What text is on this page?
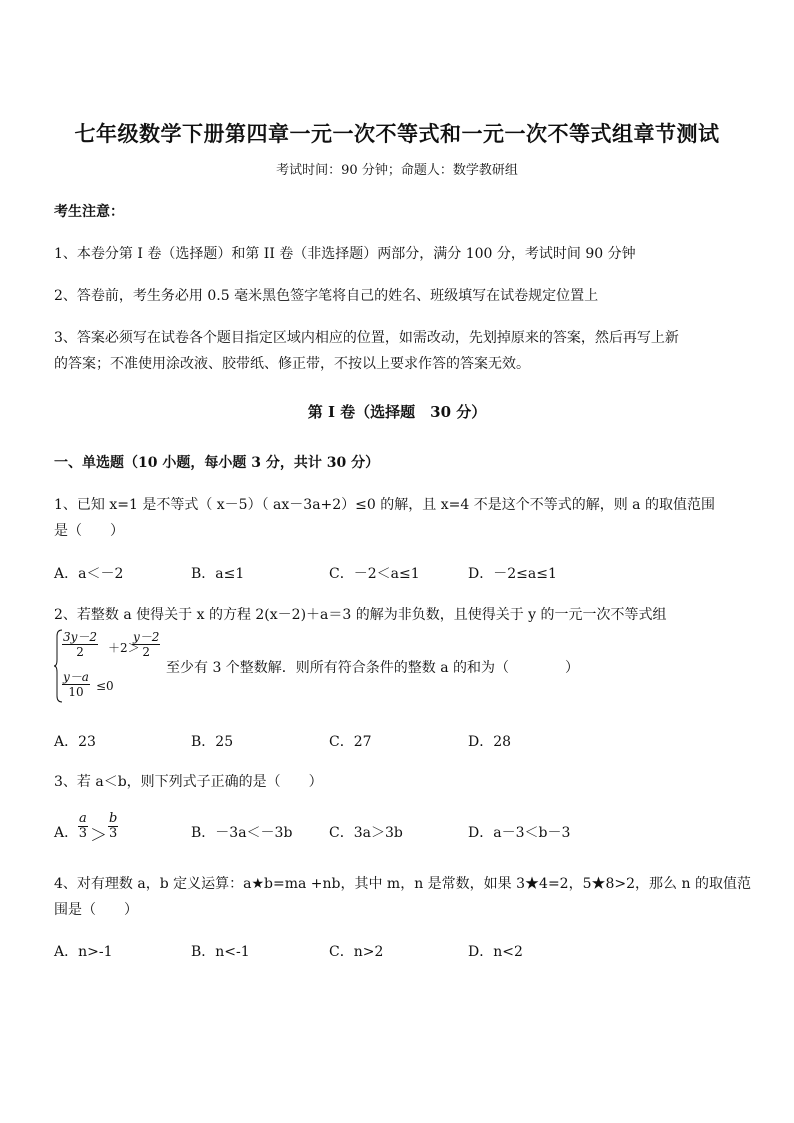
七年级数学下册第四章一元一次不等式和一元一次不等式组章节测试
考试时间：90 分钟；命题人：数学教研组
考生注意：
1、本卷分第 I 卷（选择题）和第 II 卷（非选择题）两部分，满分 100 分，考试时间 90 分钟
2、答卷前，考生务必用 0.5 毫米黑色签字笔将自己的姓名、班级填写在试卷规定位置上
3、答案必须写在试卷各个题目指定区域内相应的位置，如需改动，先划掉原来的答案，然后再写上新
的答案；不准使用涂改液、胶带纸、修正带，不按以上要求作答的答案无效。
第 I 卷（选择题　30 分）
一、单选题（10 小题，每小题 3 分，共计 30 分）
1、已知 x=1 是不等式（ x－5）（ ax－3a+2）≤0 的解，且 x=4 不是这个不等式的解，则 a 的取值范围
是（　　）
A．a＜－2	B．a≤1	C．－2＜a≤1	D．－2≤a≤1
2、若整数 a 使得关于 x 的方程 2(x－2)＋a＝3 的解为非负数，且使得关于 y 的一元一次不等式组
$\frac{3y-2}{2} +2>$
$\frac{y-2}{2}$
$\frac{y-a}{10} \le 0$
至少有 3 个整数解．则所有符合条件的整数 a 的和为（　　　　）
A．23	B．25	C．27	D．28
3、若 a＜b，则下列式子正确的是（　　）
A． $\frac{a}{3} > \frac{b}{3}$	B．－3a＜－3b	C．3a＞3b	D．a－3＜b－3
4、对有理数 a，b 定义运算：a★b=ma +nb，其中 m，n 是常数，如果 3★4=2，5★8>2，那么 n 的取值范
围是（　　）
A．n>-1	B．n<-1	C．n>2	D．n<2
